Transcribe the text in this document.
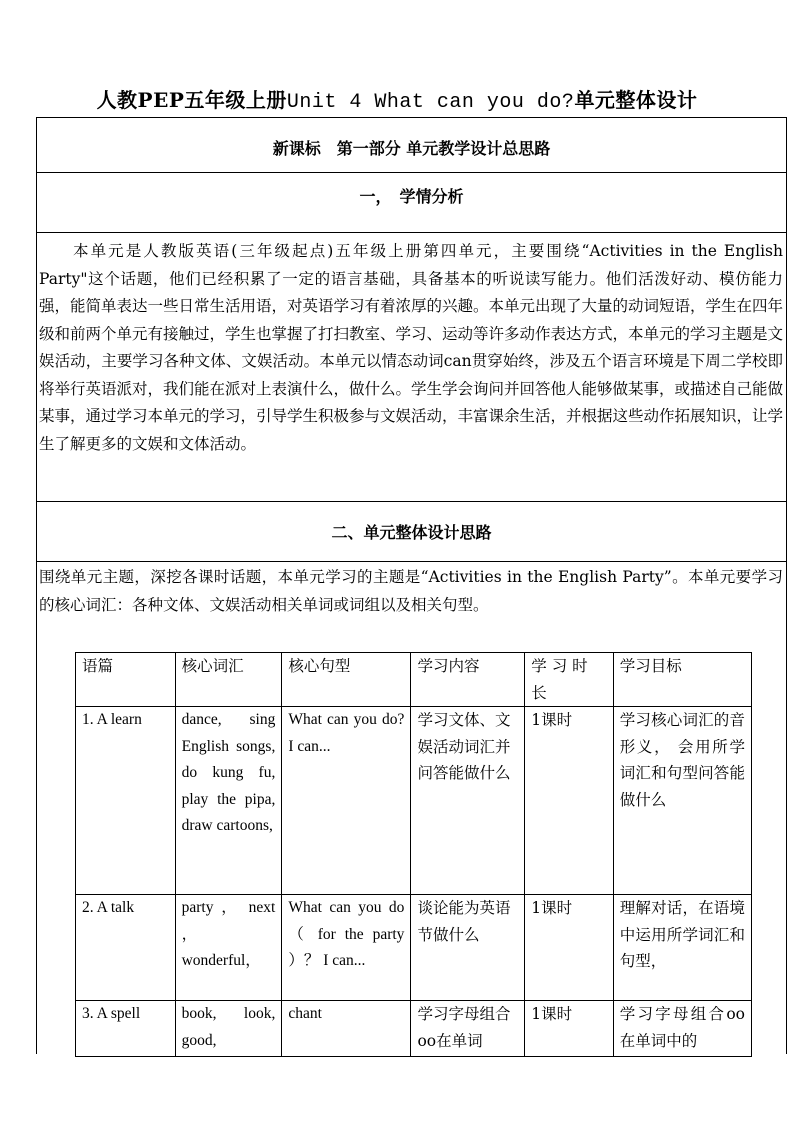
人教PEP五年级上册Unit 4 What can you do?单元整体设计
新课标　第一部分 单元教学设计总思路
一，　学情分析
本单元是人教版英语(三年级起点)五年级上册第四单元，主要围绕“Activities in the English Party"这个话题，他们已经积累了一定的语言基础，具备基本的听说读写能力。他们活泼好动、模仿能力强，能简单表达一些日常生活用语，对英语学习有着浓厚的兴趣。本单元出现了大量的动词短语，学生在四年级和前两个单元有接触过，学生也掌握了打扫教室、学习、运动等许多动作表达方式，本单元的学习主题是文娱活动，主要学习各种文体、文娱活动。本单元以情态动词can贯穿始终，涉及五个语言环境是下周二学校即将举行英语派对，我们能在派对上表演什么，做什么。学生学会询问并回答他人能够做某事，或描述自己能做某事，通过学习本单元的学习，引导学生积极参与文娱活动，丰富课余生活，并根据这些动作拓展知识，让学生了解更多的文娱和文体活动。
二、单元整体设计思路
围绕单元主题，深挖各课时话题，本单元学习的主题是“Activities in the English Party”。本单元要学习的核心词汇：各种文体、文娱活动相关单词或词组以及相关句型。
语篇	核心词汇	核心句型	学习内容	学 习 时 长	学习目标
1. A learn	dance, sing English songs, do kung fu, play the pipa, draw cartoons,	What can you do? I can...	学习文体、文娱活动词汇并问答能做什么	1课时	学习核心词汇的音形义， 会用所学词汇和句型问答能做什么
2. A talk	party ， next ， wonderful，	What can you do （ for the party ）？ I can...	谈论能为英语节做什么	1课时	理解对话，在语境中运用所学词汇和句型，
3. A spell	book, look, good,	chant	学习字母组合oo在单词	1课时	学习字母组合oo在单词中的
